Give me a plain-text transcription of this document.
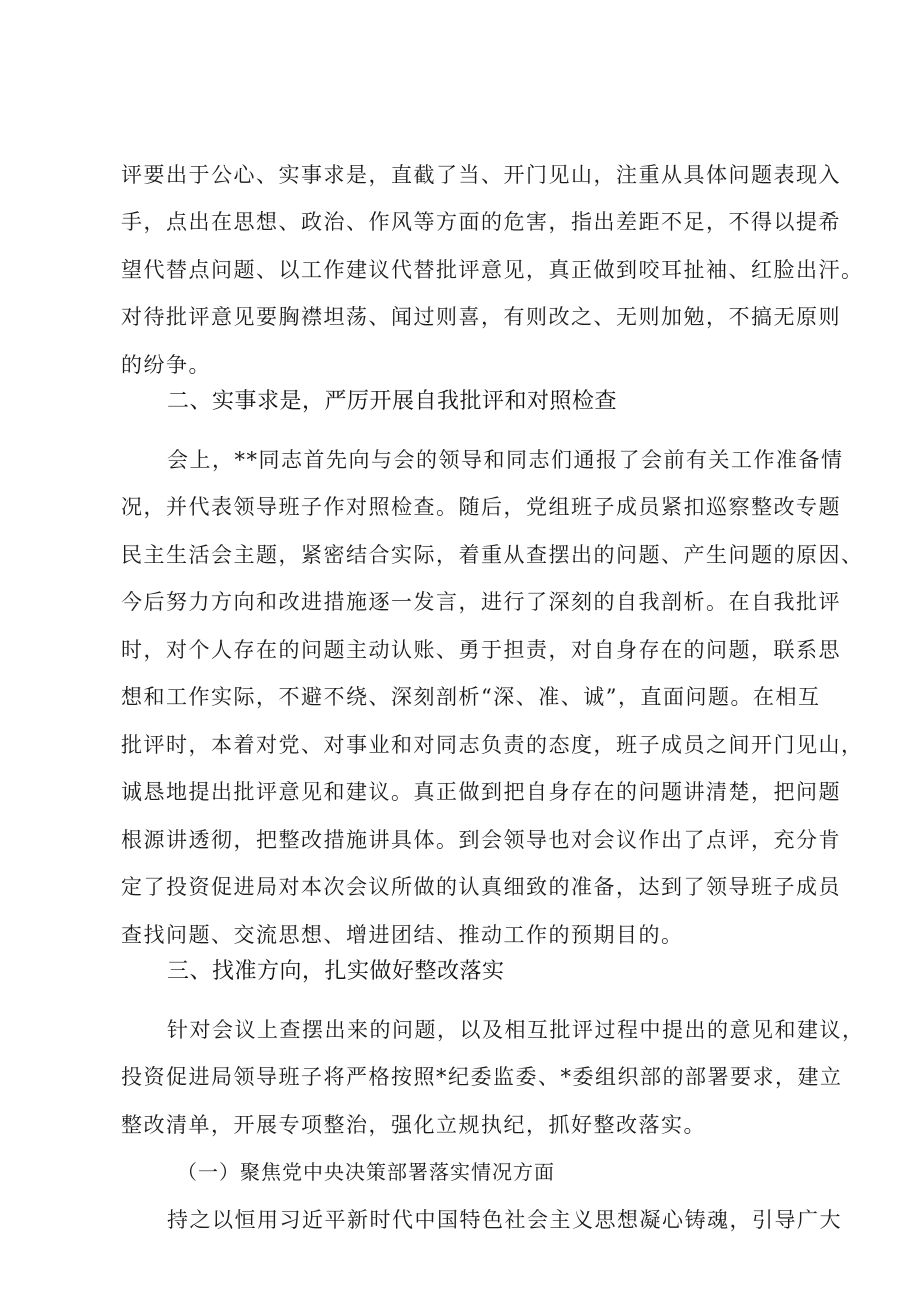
评要出于公心、实事求是，直截了当、开门见山，注重从具体问题表现入
手，点出在思想、政治、作风等方面的危害，指出差距不足，不得以提希
望代替点问题、以工作建议代替批评意见，真正做到咬耳扯袖、红脸出汗。
对待批评意见要胸襟坦荡、闻过则喜，有则改之、无则加勉，不搞无原则
的纷争。
二、实事求是，严厉开展自我批评和对照检查
会上，**同志首先向与会的领导和同志们通报了会前有关工作准备情
况，并代表领导班子作对照检查。随后，党组班子成员紧扣巡察整改专题
民主生活会主题，紧密结合实际，着重从查摆出的问题、产生问题的原因、
今后努力方向和改进措施逐一发言，进行了深刻的自我剖析。在自我批评
时，对个人存在的问题主动认账、勇于担责，对自身存在的问题，联系思
想和工作实际，不避不绕、深刻剖析“深、准、诚”，直面问题。在相互
批评时，本着对党、对事业和对同志负责的态度，班子成员之间开门见山，
诚恳地提出批评意见和建议。真正做到把自身存在的问题讲清楚，把问题
根源讲透彻，把整改措施讲具体。到会领导也对会议作出了点评，充分肯
定了投资促进局对本次会议所做的认真细致的准备，达到了领导班子成员
查找问题、交流思想、增进团结、推动工作的预期目的。
三、找准方向，扎实做好整改落实
针对会议上查摆出来的问题，以及相互批评过程中提出的意见和建议，
投资促进局领导班子将严格按照*纪委监委、*委组织部的部署要求，建立
整改清单，开展专项整治，强化立规执纪，抓好整改落实。
（一）聚焦党中央决策部署落实情况方面
持之以恒用习近平新时代中国特色社会主义思想凝心铸魂，引导广大
